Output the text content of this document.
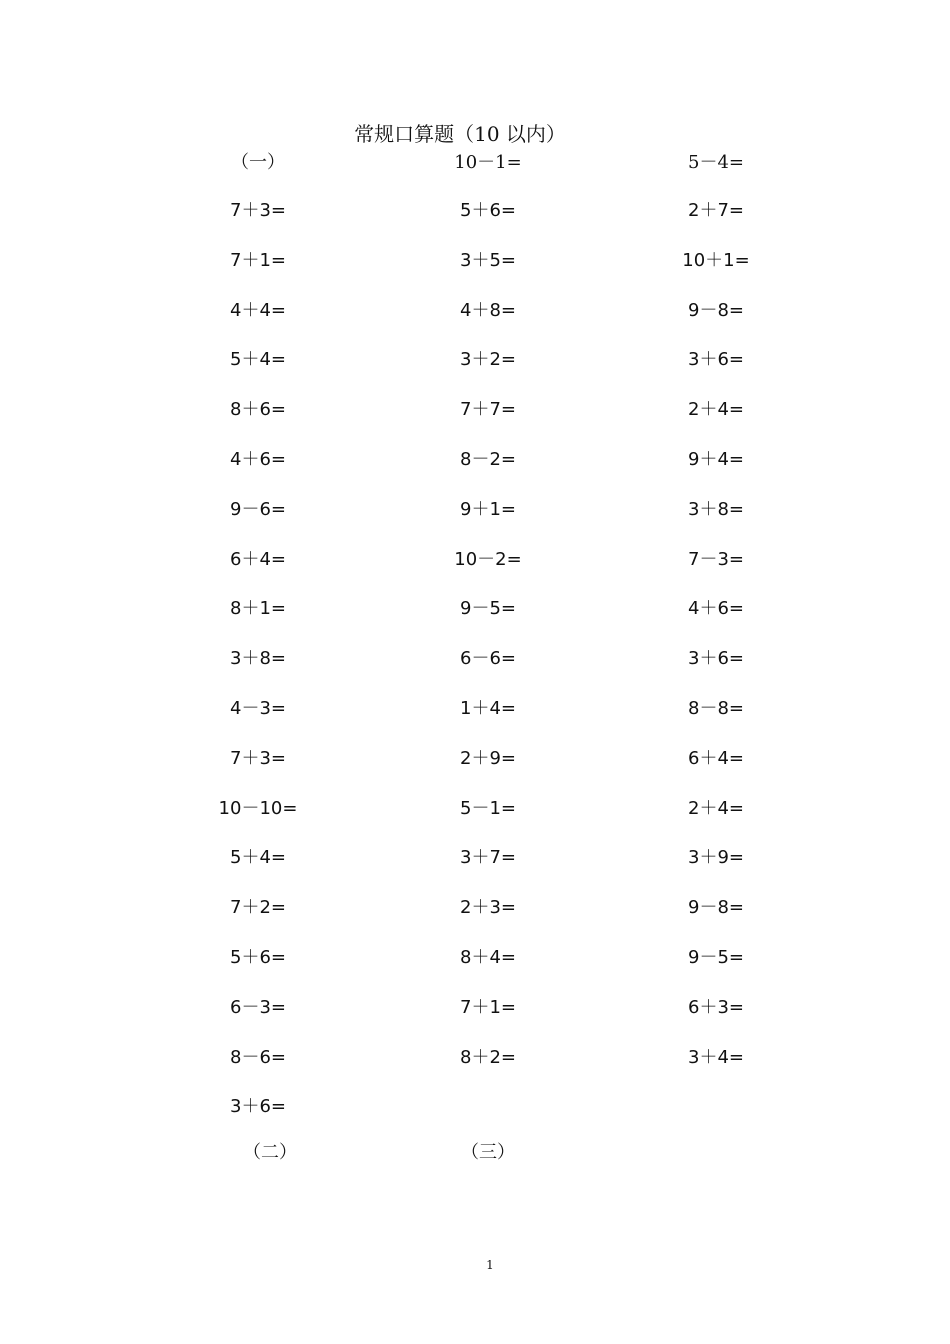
常规口算题（10 以内）
（一）
7＋3=
7＋1=
4＋4=
5＋4=
8＋6=
4＋6=
9－6=
6＋4=
8＋1=
3＋8=
4－3=
7＋3=
10－10=
5＋4=
7＋2=
5＋6=
6－3=
8－6=
3＋6=
10－1=
5＋6=
3＋5=
4＋8=
3＋2=
7＋7=
8－2=
9＋1=
10－2=
9－5=
6－6=
1＋4=
2＋9=
5－1=
3＋7=
2＋3=
8＋4=
7＋1=
8＋2=
5－4=
2＋7=
10＋1=
9－8=
3＋6=
2＋4=
9＋4=
3＋8=
7－3=
4＋6=
3＋6=
8－8=
6＋4=
2＋4=
3＋9=
9－8=
9－5=
6＋3=
3＋4=
（二）	（三）
1
